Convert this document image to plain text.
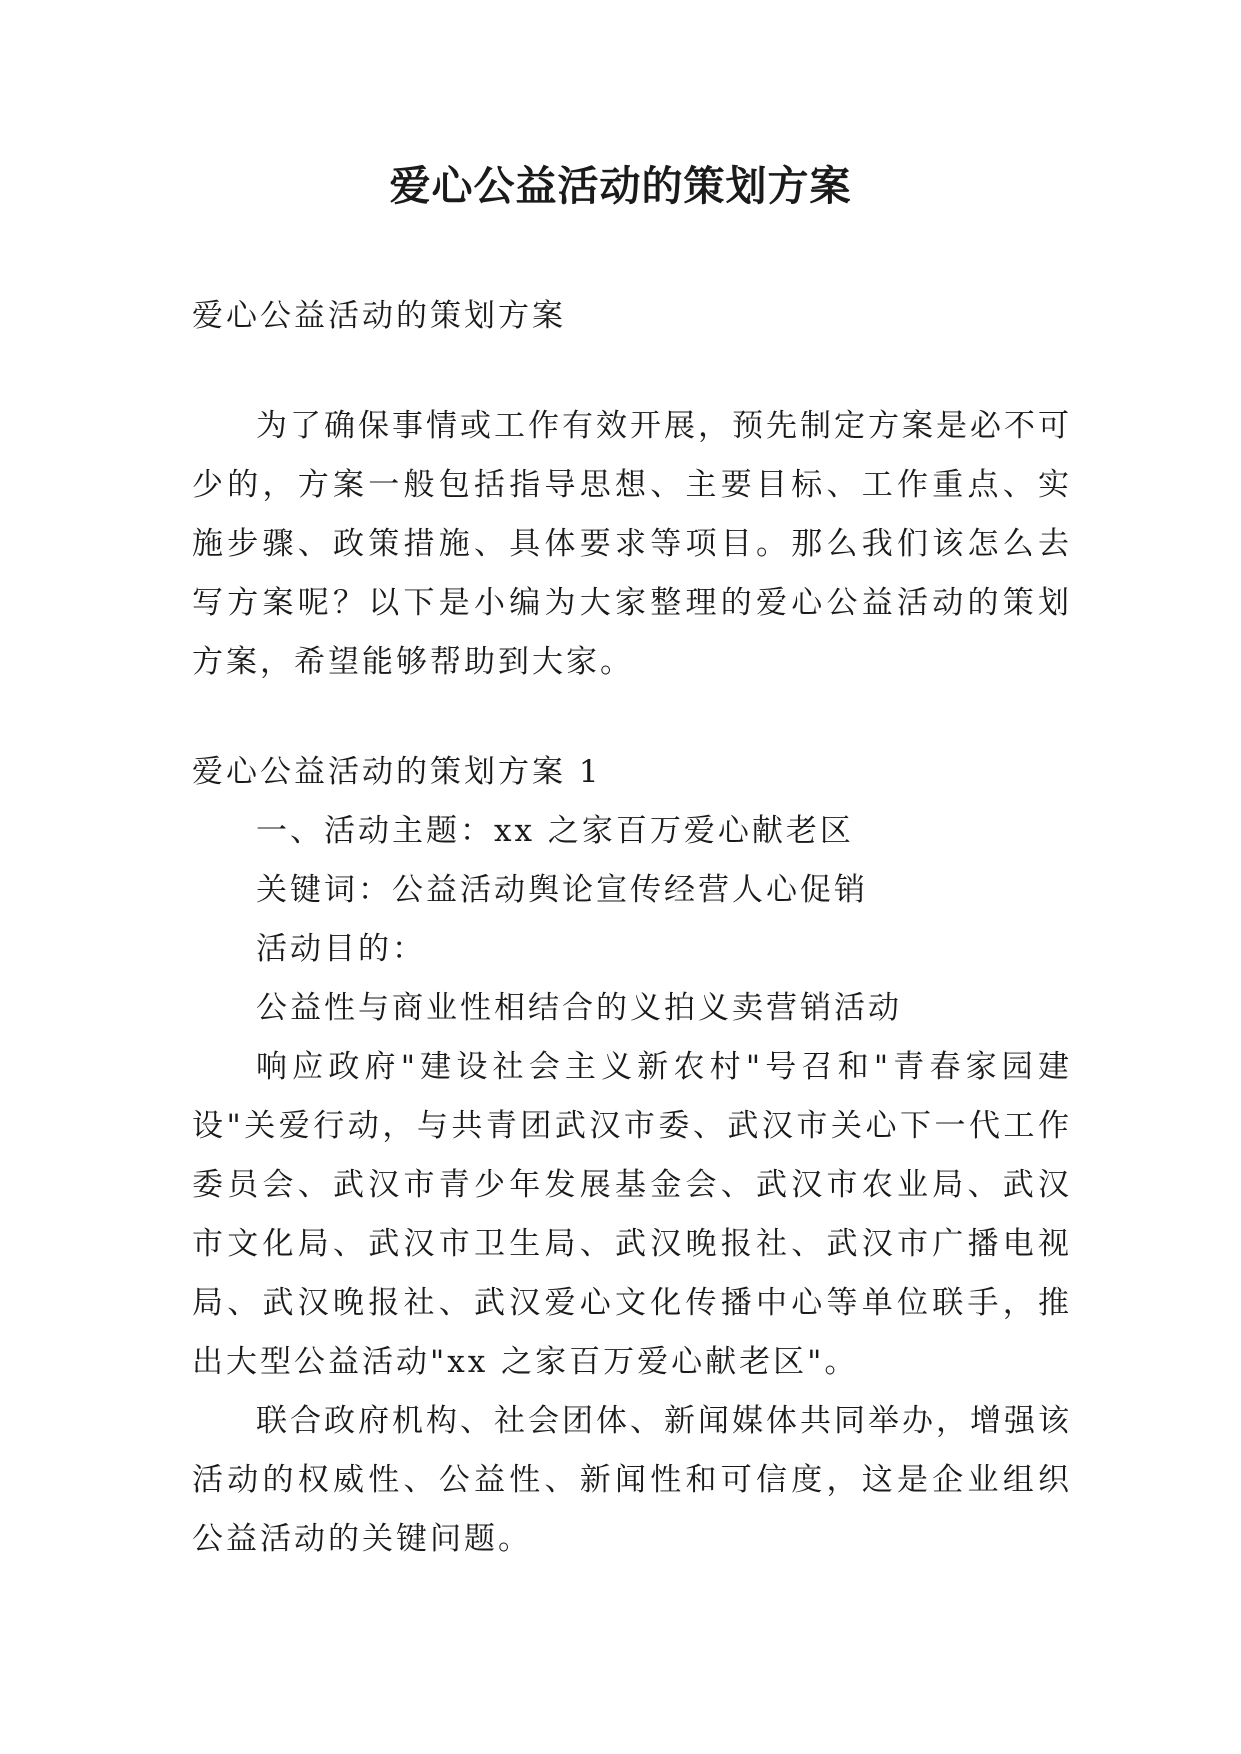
爱心公益活动的策划方案

爱心公益活动的策划方案

为了确保事情或工作有效开展，预先制定方案是必不可少的，方案一般包括指导思想、主要目标、工作重点、实施步骤、政策措施、具体要求等项目。那么我们该怎么去写方案呢？以下是小编为大家整理的爱心公益活动的策划方案，希望能够帮助到大家。

爱心公益活动的策划方案 1

一、活动主题：xx 之家百万爱心献老区

关键词：公益活动舆论宣传经营人心促销

活动目的：

公益性与商业性相结合的义拍义卖营销活动

响应政府"建设社会主义新农村"号召和"青春家园建设"关爱行动，与共青团武汉市委、武汉市关心下一代工作委员会、武汉市青少年发展基金会、武汉市农业局、武汉市文化局、武汉市卫生局、武汉晚报社、武汉市广播电视局、武汉晚报社、武汉爱心文化传播中心等单位联手，推出大型公益活动"xx 之家百万爱心献老区"。

联合政府机构、社会团体、新闻媒体共同举办，增强该活动的权威性、公益性、新闻性和可信度，这是企业组织公益活动的关键问题。
